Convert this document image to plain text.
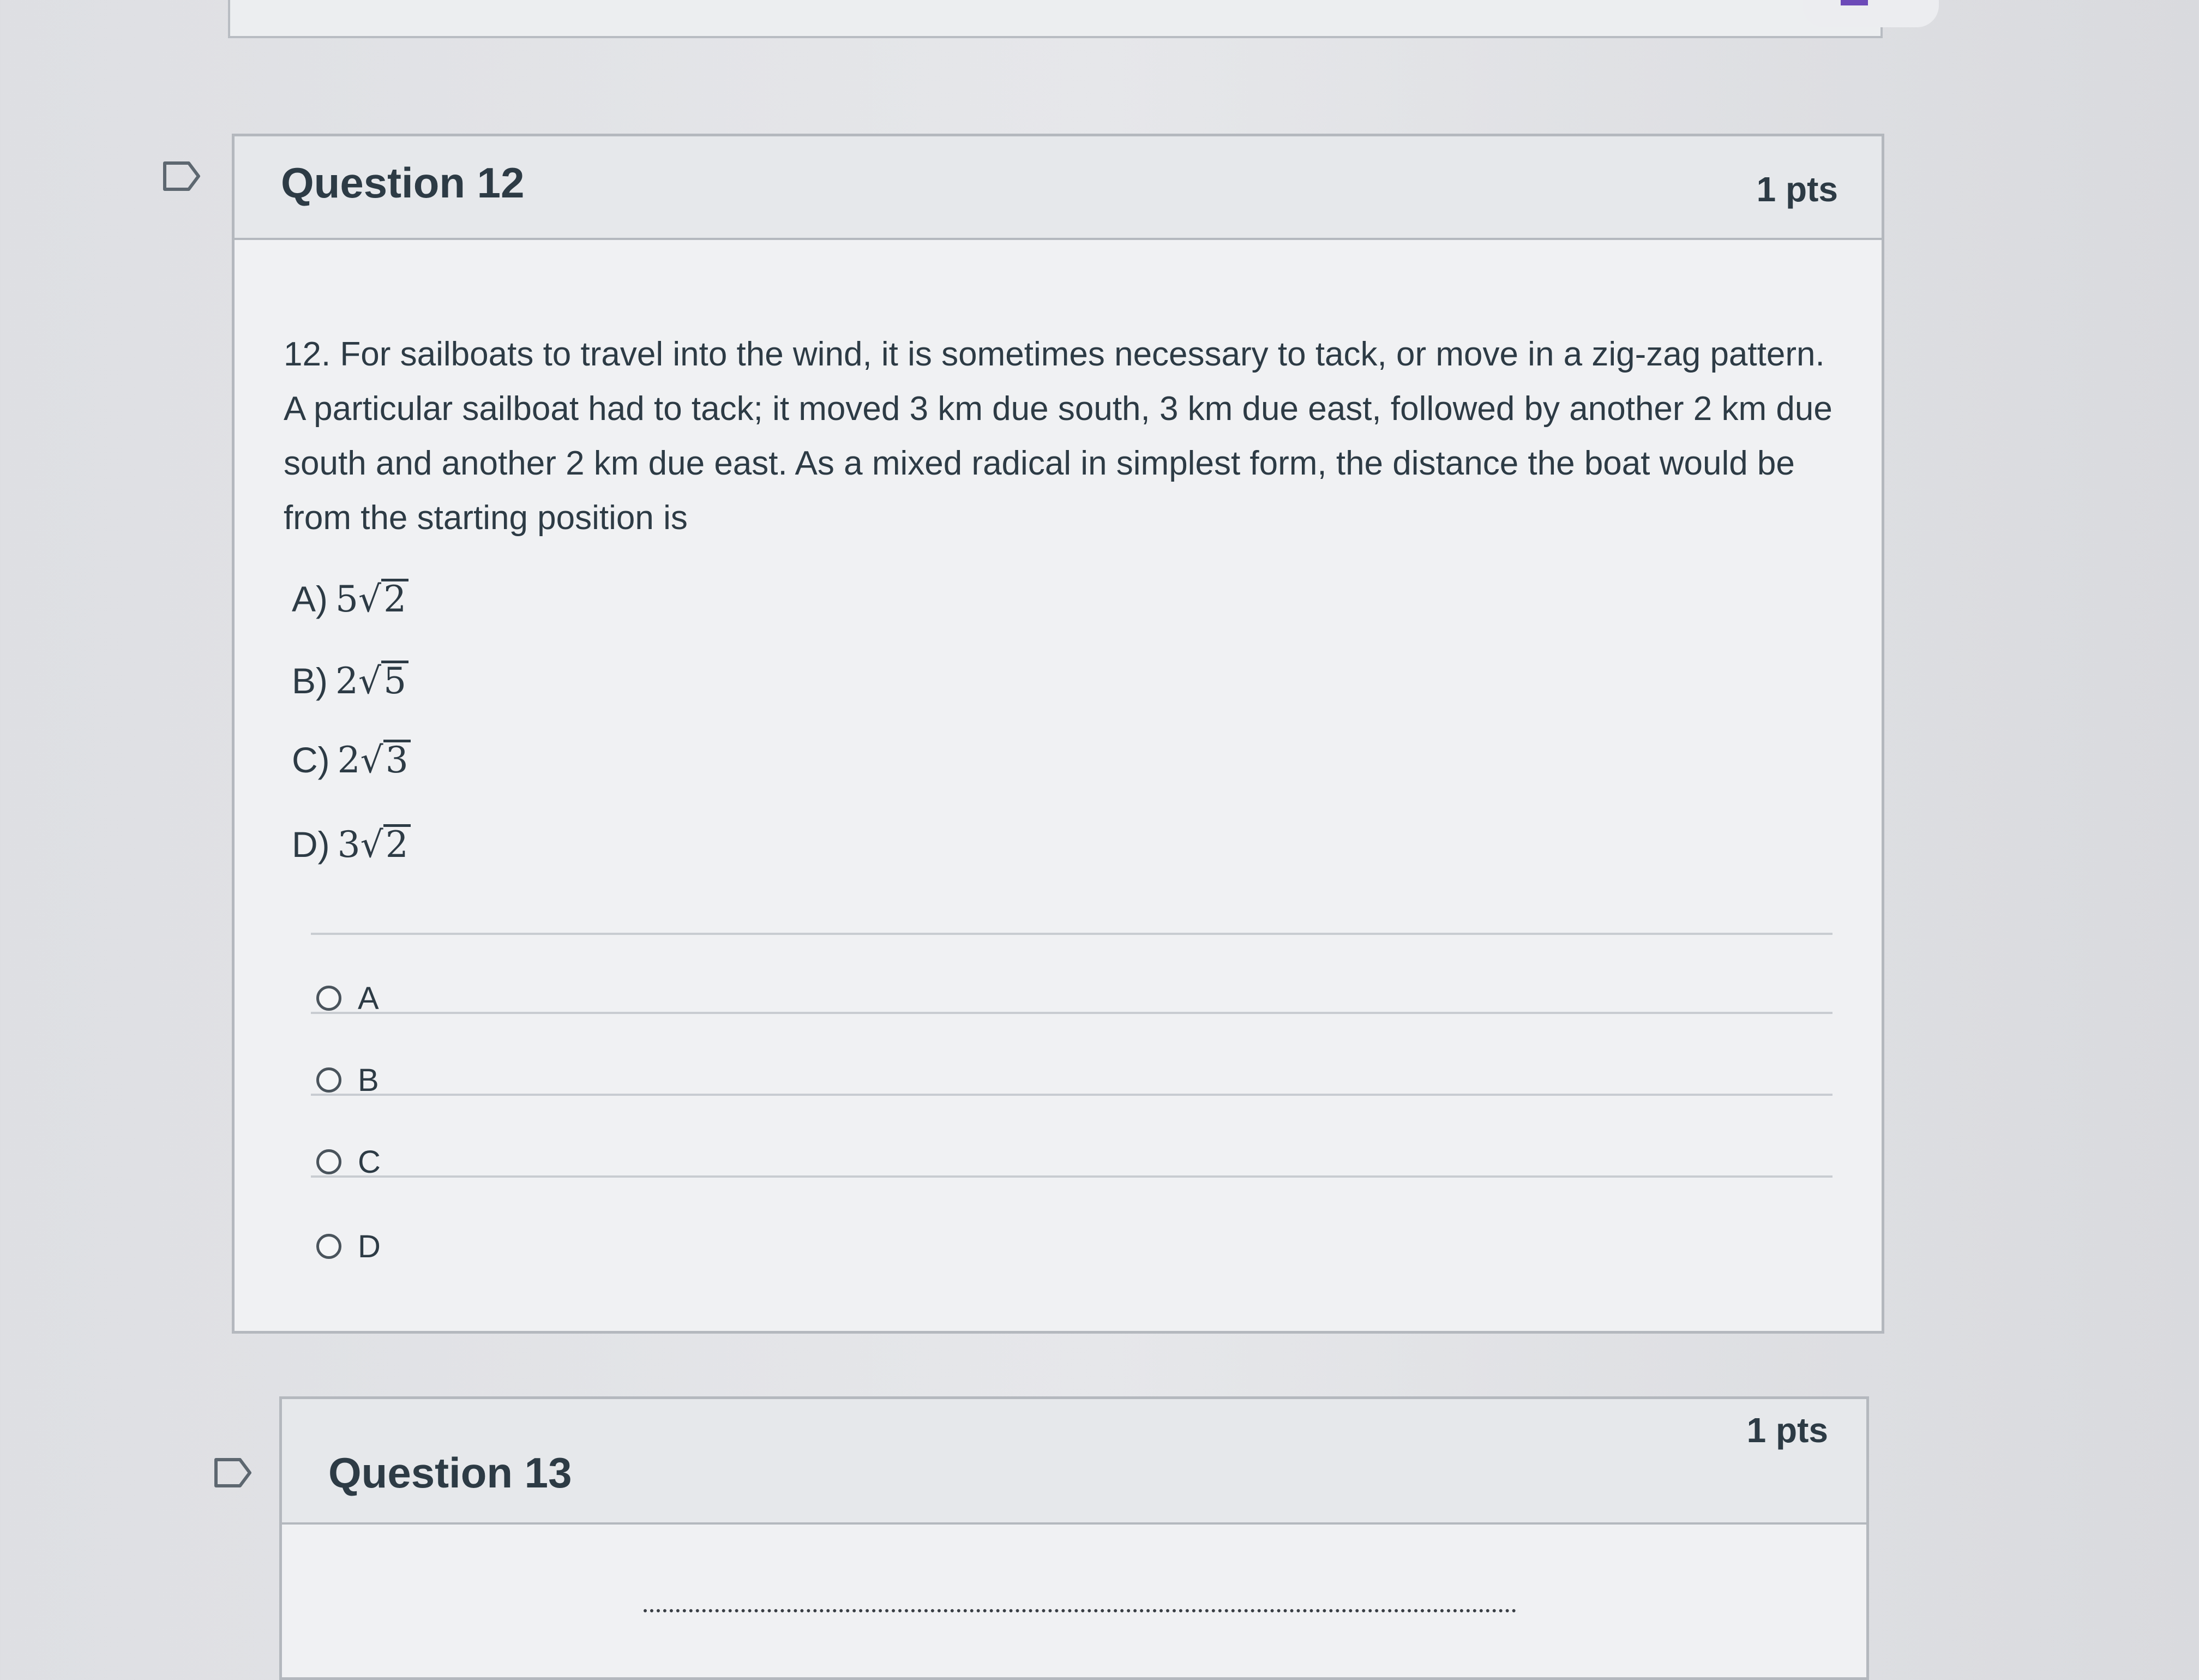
Question 12	1 pts
12. For sailboats to travel into the wind, it is sometimes necessary to tack, or move in a zig-zag pattern. A particular sailboat had to tack; it moved 3 km due south, 3 km due east, followed by another 2 km due south and another 2 km due east. As a mixed radical in simplest form, the distance the boat would be from the starting position is
A) 5√2
B) 2√5
C) 2√3
D) 3√2
A
B
C
D
Question 13
1 pts
